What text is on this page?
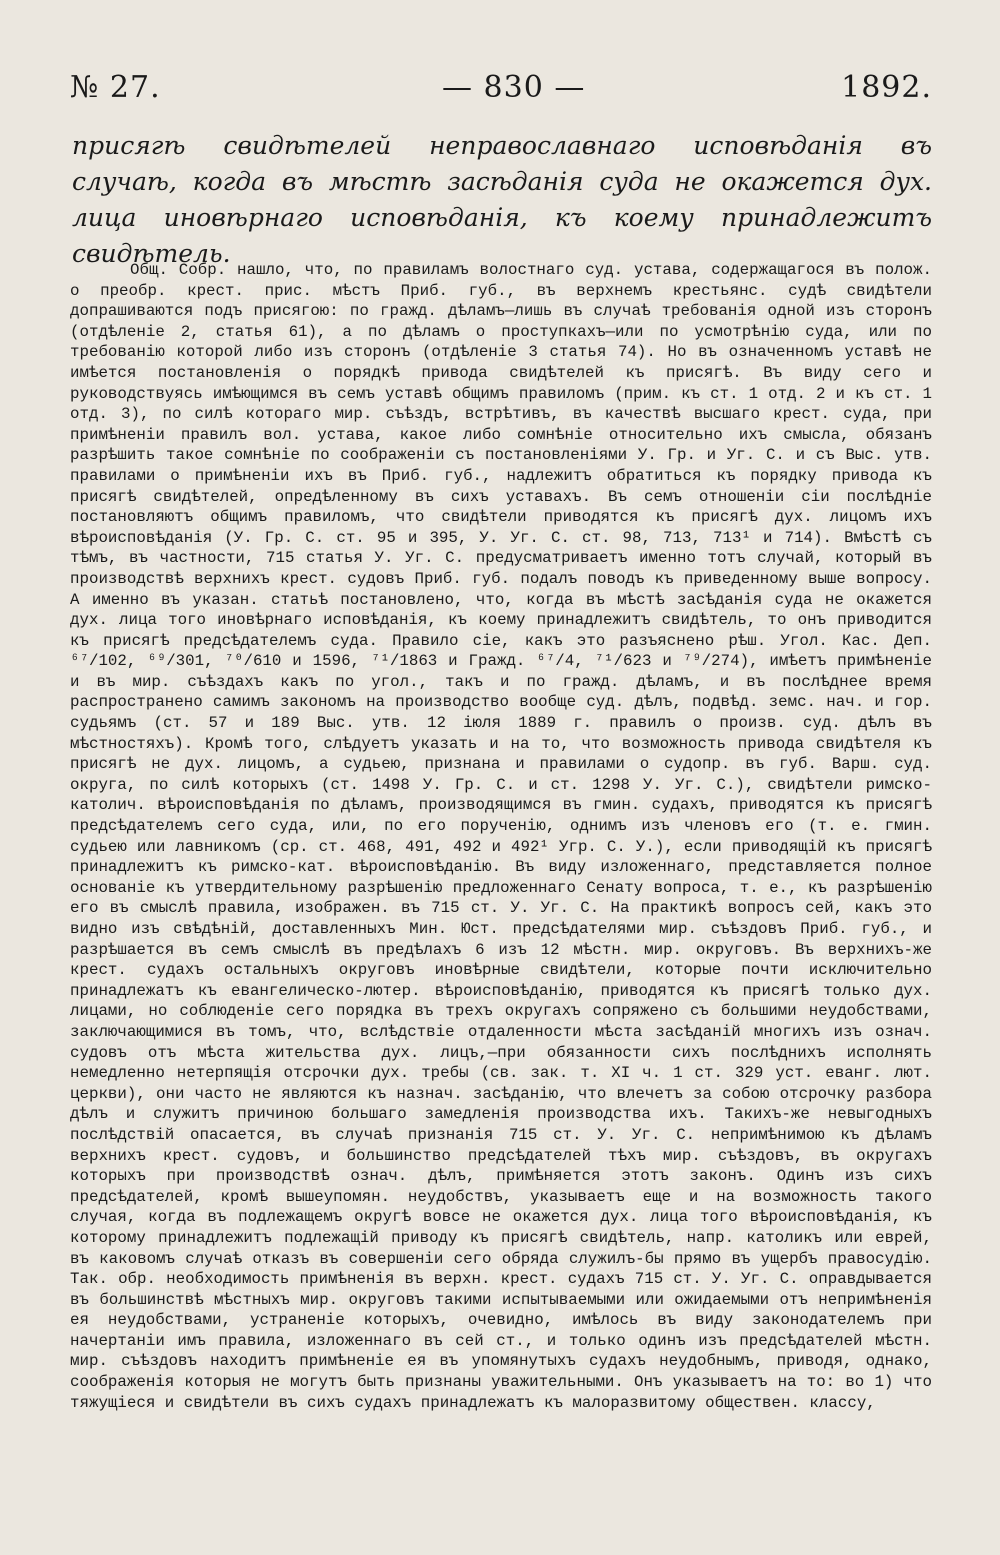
№ 27.	— 830 —	1892.
присягѣ свидѣтелей неправославнаго исповѣданія въ случаѣ, когда въ мѣстѣ засѣданія суда не окажется дух. лица иновѣрнаго исповѣданія, къ коему принадлежитъ свидѣтель.

Общ. Собр. нашло, что, по правиламъ волостнаго суд. устава, содержащагося въ полож. о преобр. крест. прис. мѣстъ Приб. губ., въ верхнемъ крестьянс. судѣ свидѣтели допрашиваются подъ присягою: по гражд. дѣламъ—лишь въ случаѣ требованія одной изъ сторонъ (отдѣленіе 2, статья 61), а по дѣламъ о проступкахъ—или по усмотрѣнію суда, или по требованію которой либо изъ сторонъ (отдѣленіе 3 статья 74). Но въ означенномъ уставѣ не имѣется постановленія о порядкѣ привода свидѣтелей къ присягѣ. Въ виду сего и руководствуясь имѣющимся въ семъ уставѣ общимъ правиломъ (прим. къ ст. 1 отд. 2 и къ ст. 1 отд. 3), по силѣ котораго мир. съѣздъ, встрѣтивъ, въ качествѣ высшаго крест. суда, при примѣненіи правилъ вол. устава, какое либо сомнѣніе относительно ихъ смысла, обязанъ разрѣшить такое сомнѣніе по соображеніи съ постановленіями У. Гр. и Уг. С. и съ Выс. утв. правилами о примѣненіи ихъ въ Приб. губ., надлежитъ обратиться къ порядку привода къ присягѣ свидѣтелей, опредѣленному въ сихъ уставахъ. Въ семъ отношеніи сіи послѣдніе постановляютъ общимъ правиломъ, что свидѣтели приводятся къ присягѣ дух. лицомъ ихъ вѣроисповѣданія (У. Гр. С. ст. 95 и 395, У. Уг. С. ст. 98, 713, 713¹ и 714). Вмѣстѣ съ тѣмъ, въ частности, 715 статья У. Уг. С. предусматриваетъ именно тотъ случай, который въ производствѣ верхнихъ крест. судовъ Приб. губ. подалъ поводъ къ приведенному выше вопросу. А именно въ указан. статьѣ постановлено, что, когда въ мѣстѣ засѣданія суда не окажется дух. лица того иновѣрнаго исповѣданія, къ коему принадлежитъ свидѣтель, то онъ приводится къ присягѣ предсѣдателемъ суда. Правило сіе, какъ это разъяснено рѣш. Угол. Кас. Деп. ⁶⁷/102, ⁶⁹/301, ⁷⁰/610 и 1596, ⁷¹/1863 и Гражд. ⁶⁷/4, ⁷¹/623 и ⁷⁹/274), имѣетъ примѣненіе и въ мир. съѣздахъ какъ по угол., такъ и по гражд. дѣламъ, и въ послѣднее время распространено самимъ закономъ на производство вообще суд. дѣлъ, подвѣд. земс. нач. и гор. судьямъ (ст. 57 и 189 Выс. утв. 12 іюля 1889 г. правилъ о произв. суд. дѣлъ въ мѣстностяхъ). Кромѣ того, слѣдуетъ указать и на то, что возможность привода свидѣтеля къ присягѣ не дух. лицомъ, а судьею, признана и правилами о судопр. въ губ. Варш. суд. округа, по силѣ которыхъ (ст. 1498 У. Гр. С. и ст. 1298 У. Уг. С.), свидѣтели римско-католич. вѣроисповѣданія по дѣламъ, производящимся въ гмин. судахъ, приводятся къ присягѣ предсѣдателемъ сего суда, или, по его порученію, однимъ изъ членовъ его (т. е. гмин. судьею или лавникомъ (ср. ст. 468, 491, 492 и 492¹ Угр. С. У.), если приводящій къ присягѣ принадлежитъ къ римско-кат. вѣроисповѣданію. Въ виду изложеннаго, представляется полное основаніе къ утвердительному разрѣшенію предложеннаго Сенату вопроса, т. е., къ разрѣшенію его въ смыслѣ правила, изображен. въ 715 ст. У. Уг. С. На практикѣ вопросъ сей, какъ это видно изъ свѣдѣній, доставленныхъ Мин. Юст. предсѣдателями мир. съѣздовъ Приб. губ., и разрѣшается въ семъ смыслѣ въ предѣлахъ 6 изъ 12 мѣстн. мир. округовъ. Въ верхнихъ-же крест. судахъ остальныхъ округовъ иновѣрные свидѣтели, которые почти исключительно принадлежатъ къ евангелическо-лютер. вѣроисповѣданію, приводятся къ присягѣ только дух. лицами, но соблюденіе сего порядка въ трехъ округахъ сопряжено съ большими неудобствами, заключающимися въ томъ, что, вслѣдствіе отдаленности мѣста засѣданій многихъ изъ означ. судовъ отъ мѣста жительства дух. лицъ,—при обязанности сихъ послѣднихъ исполнять немедленно нетерпящія отсрочки дух. требы (св. зак. т. XI ч. 1 ст. 329 уст. еванг. лют. церкви), они часто не являются къ назнач. засѣданію, что влечетъ за собою отсрочку разбора дѣлъ и служитъ причиною большаго замедленія производства ихъ. Такихъ-же невыгодныхъ послѣдствій опасается, въ случаѣ признанія 715 ст. У. Уг. С. непримѣнимою къ дѣламъ верхнихъ крест. судовъ, и большинство предсѣдателей тѣхъ мир. съѣздовъ, въ округахъ которыхъ при производствѣ означ. дѣлъ, примѣняется этотъ законъ. Одинъ изъ сихъ предсѣдателей, кромѣ вышеупомян. неудобствъ, указываетъ еще и на возможность такого случая, когда въ подлежащемъ округѣ вовсе не окажется дух. лица того вѣроисповѣданія, къ которому принадлежитъ подлежащій приводу къ присягѣ свидѣтель, напр. католикъ или еврей, въ каковомъ случаѣ отказъ въ совершеніи сего обряда служилъ-бы прямо въ ущербъ правосудію. Так. обр. необходимость примѣненія въ верхн. крест. судахъ 715 ст. У. Уг. С. оправдывается въ большинствѣ мѣстныхъ мир. округовъ такими испытываемыми или ожидаемыми отъ непримѣненія ея неудобствами, устраненіе которыхъ, очевидно, имѣлось въ виду законодателемъ при начертаніи имъ правила, изложеннаго въ сей ст., и только одинъ изъ предсѣдателей мѣстн. мир. съѣздовъ находитъ примѣненіе ея въ упомянутыхъ судахъ неудобнымъ, приводя, однако, соображенія которыя не могутъ быть признаны уважительными. Онъ указываетъ на то: во 1) что тяжущіеся и свидѣтели въ сихъ судахъ принадлежатъ къ малоразвитому обществен. классу,
